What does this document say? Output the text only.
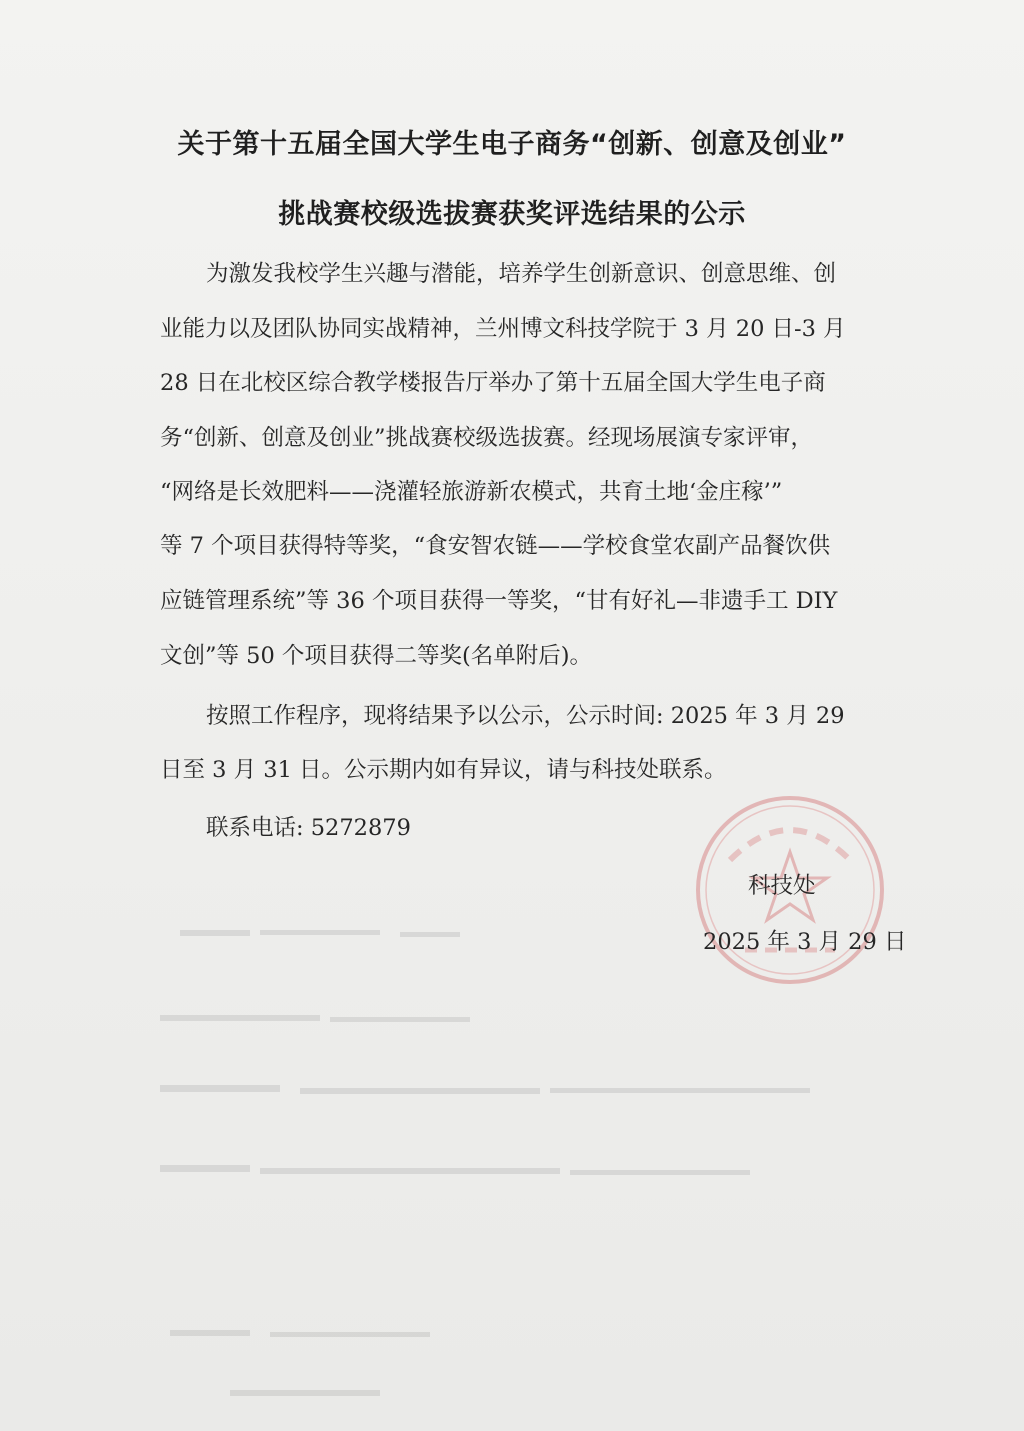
关于第十五届全国大学生电子商务“创新、创意及创业”
挑战赛校级选拔赛获奖评选结果的公示

为激发我校学生兴趣与潜能，培养学生创新意识、创意思维、创

业能力以及团队协同实战精神，兰州博文科技学院于 3 月 20 日-3 月

28 日在北校区综合教学楼报告厅举办了第十五届全国大学生电子商

务“创新、创意及创业”挑战赛校级选拔赛。经现场展演专家评审，

“网络是长效肥料——浇灌轻旅游新农模式，共育土地‘金庄稼’”

等 7 个项目获得特等奖，“食安智农链——学校食堂农副产品餐饮供

应链管理系统”等 36 个项目获得一等奖，“甘有好礼—非遗手工 DIY

文创”等 50 个项目获得二等奖(名单附后)。

按照工作程序，现将结果予以公示，公示时间: 2025 年 3 月 29

日至 3 月 31 日。公示期内如有异议，请与科技处联系。

联系电话: 5272879

科技处

2025 年 3 月 29 日
